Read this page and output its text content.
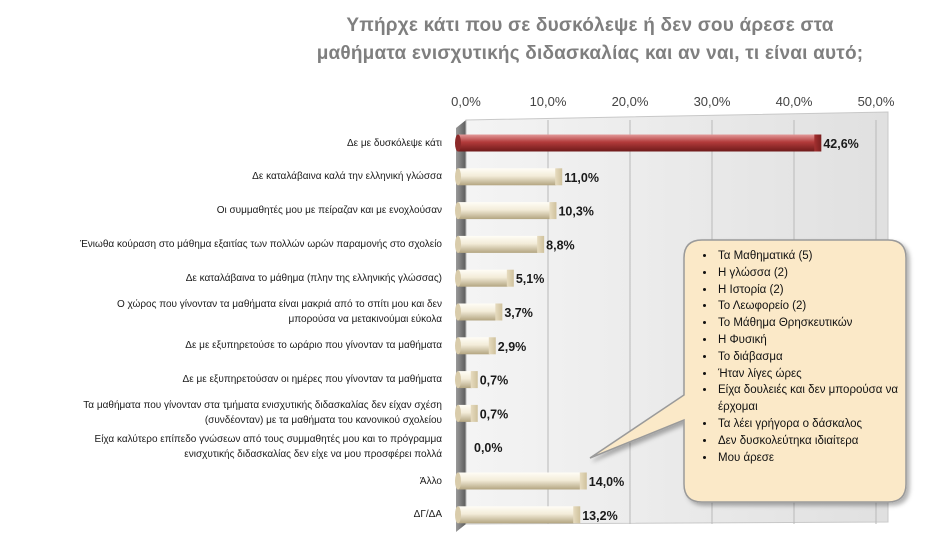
Υπήρχε κάτι που σε δυσκόλεψε ή δεν σου άρεσε στα
μαθήματα ενισχυτικής διδασκαλίας και αν ναι, τι είναι αυτό;
0,0%	10,0%	20,0%	30,0%	40,0%	50,0%
42,6%
11,0%
10,3%
8,8%
5,1%
3,7%
2,9%
0,7%
0,7%
0,0%
14,0%
13,2%
Δε με δυσκόλεψε κάτι
Δε καταλάβαινα καλά την ελληνική γλώσσα
Οι συμμαθητές μου με πείραζαν και με ενοχλούσαν
Ένιωθα κούραση στο μάθημα εξαιτίας των πολλών ωρών παραμονής στο σχολείο
Δε καταλάβαινα το μάθημα (πλην της ελληνικής γλώσσας)
Ο χώρος που γίνονταν τα μαθήματα είναι μακριά από το σπίτι μου και δεν
μπορούσα να μετακινούμαι εύκολα
Δε με εξυπηρετούσε το ωράριο που γίνονταν τα μαθήματα
Δε με εξυπηρετούσαν οι ημέρες που γίνονταν τα μαθήματα
Τα μαθήματα που γίνονταν στα τμήματα ενισχυτικής διδασκαλίας δεν είχαν σχέση
(συνδέονταν) με τα μαθήματα του κανονικού σχολείου
Είχα καλύτερο επίπεδο γνώσεων από τους συμμαθητές μου και το πρόγραμμα
ενισχυτικής διδασκαλίας δεν είχε να μου προσφέρει πολλά
Άλλο
ΔΓ/ΔΑ
• Τα Μαθηματικά (5)
• Η γλώσσα (2)
• Η Ιστορία (2)
• Το Λεωφορείο (2)
• Το Μάθημα Θρησκευτικών
• Η Φυσική
• Το διάβασμα
• Ήταν λίγες ώρες
• Είχα δουλειές και δεν μπορούσα να έρχομαι
• Τα λέει γρήγορα ο δάσκαλος
• Δεν δυσκολεύτηκα ιδιαίτερα
• Μου άρεσε
